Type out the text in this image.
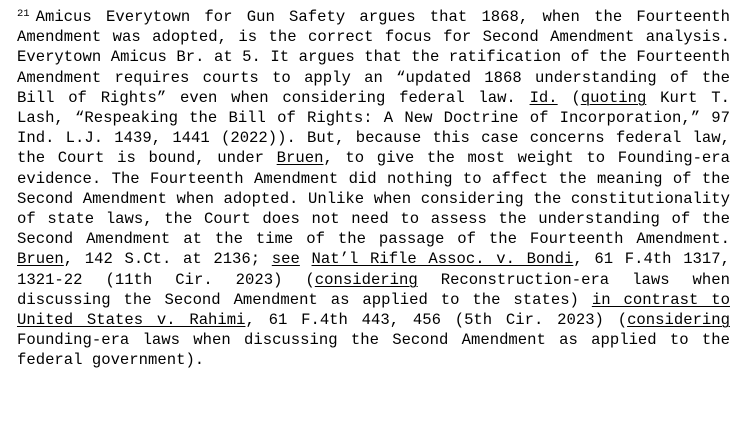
$^{21}$ Amicus Everytown for Gun Safety argues that 1868, when the Fourteenth Amendment was adopted, is the correct focus for Second Amendment analysis. Everytown Amicus Br. at 5. It argues that the ratification of the Fourteenth Amendment requires courts to apply an “updated 1868 understanding of the Bill of Rights” even when considering federal law. Id. (quoting Kurt T. Lash, “Respeaking the Bill of Rights: A New Doctrine of Incorporation,” 97 Ind. L.J. 1439, 1441 (2022)). But, because this case concerns federal law, the Court is bound, under Bruen, to give the most weight to Founding-era evidence. The Fourteenth Amendment did nothing to affect the meaning of the Second Amendment when adopted. Unlike when considering the constitutionality of state laws, the Court does not need to assess the understanding of the Second Amendment at the time of the passage of the Fourteenth Amendment. Bruen, 142 S.Ct. at 2136; see Nat’l Rifle Assoc. v. Bondi, 61 F.4th 1317, 1321-22 (11th Cir. 2023) (considering Reconstruction-era laws when discussing the Second Amendment as applied to the states) in contrast to United States v. Rahimi, 61 F.4th 443, 456 (5th Cir. 2023) (considering Founding-era laws when discussing the Second Amendment as applied to the federal government).
